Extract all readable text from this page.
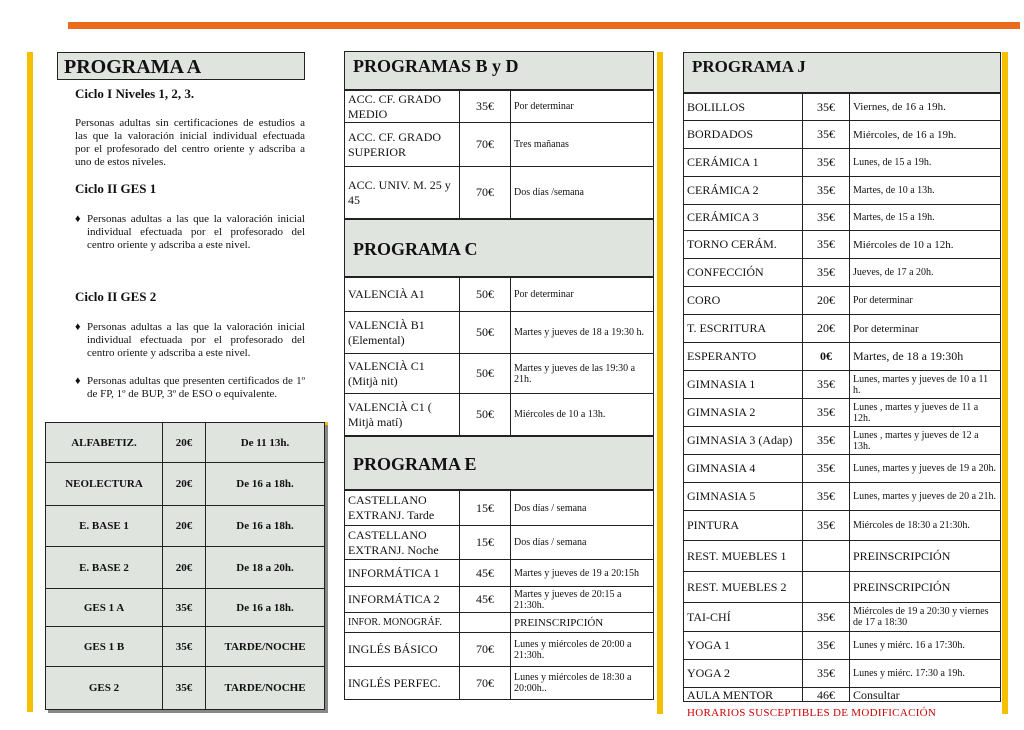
PROGRAMA A
Ciclo I Niveles 1, 2, 3.
Personas adultas sin certificaciones de estudios a las que la valoración inicial individual efectuada por el profesorado del centro oriente y adscriba a uno de estos niveles.
Ciclo II GES 1
♦ Personas adultas a las que la valoración inicial individual efectuada por el profesorado del centro oriente y adscriba a este nivel.
Ciclo II GES 2
♦ Personas adultas a las que la valoración inicial individual efectuada por el profesorado del centro oriente y adscriba a este nivel.
♦ Personas adultas que presenten certificados de 1º de FP, 1º de BUP, 3º de ESO o equivalente.
ALFABETIZ.	20€	De 11 13h.
NEOLECTURA	20€	De 16 a 18h.
E. BASE 1	20€	De 16 a 18h.
E. BASE 2	20€	De 18 a 20h.
GES 1 A	35€	De 16 a 18h.
GES 1 B	35€	TARDE/NOCHE
GES 2	35€	TARDE/NOCHE
PROGRAMAS B y D
ACC. CF. GRADO MEDIO	35€	Por determinar
ACC. CF. GRADO SUPERIOR	70€	Tres mañanas
ACC. UNIV. M. 25 y 45	70€	Dos días /semana
PROGRAMA C
VALENCIÀ A1	50€	Por determinar
VALENCIÀ B1 (Elemental)	50€	Martes y jueves de 18 a 19:30 h.
VALENCIÀ C1 (Mitjà nit)	50€	Martes y jueves de las 19:30 a 21h.
VALENCIÀ C1 ( Mitjà matí)	50€	Miércoles de 10 a 13h.
PROGRAMA E
CASTELLANO EXTRANJ. Tarde	15€	Dos días / semana
CASTELLANO EXTRANJ. Noche	15€	Dos días / semana
INFORMÁTICA 1	45€	Martes y jueves de 19 a 20:15h
INFORMÁTICA 2	45€	Martes y jueves de 20:15 a 21:30h.
INFOR. MONOGRÁF.		PREINSCRIPCIÓN
INGLÉS BÁSICO	70€	Lunes y miércoles de 20:00 a 21:30h.
INGLÉS PERFEC.	70€	Lunes y miércoles de 18:30 a 20:00h..
PROGRAMA J
BOLILLOS	35€	Viernes, de 16 a 19h.
BORDADOS	35€	Miércoles, de 16 a 19h.
CERÁMICA 1	35€	Lunes, de 15 a 19h.
CERÁMICA 2	35€	Martes, de 10 a 13h.
CERÁMICA 3	35€	Martes, de 15 a 19h.
TORNO CERÁM.	35€	Miércoles de 10 a 12h.
CONFECCIÓN	35€	Jueves, de 17 a 20h.
CORO	20€	Por determinar
T. ESCRITURA	20€	Por determinar
ESPERANTO	0€	Martes, de 18 a 19:30h
GIMNASIA 1	35€	Lunes, martes y jueves de 10 a 11 h.
GIMNASIA 2	35€	Lunes , martes y jueves de 11 a 12h.
GIMNASIA 3 (Adap)	35€	Lunes , martes y jueves de 12 a 13h.
GIMNASIA 4	35€	Lunes, martes y jueves de 19 a 20h.
GIMNASIA 5	35€	Lunes, martes y jueves de 20 a 21h.
PINTURA	35€	Miércoles de 18:30 a 21:30h.
REST. MUEBLES 1		PREINSCRIPCIÓN
REST. MUEBLES 2		PREINSCRIPCIÓN
TAI-CHÍ	35€	Miércoles de 19 a 20:30 y viernes de 17 a 18:30
YOGA 1	35€	Lunes y miérc. 16 a 17:30h.
YOGA 2	35€	Lunes y miérc. 17:30 a 19h.
AULA MENTOR	46€	Consultar
HORARIOS SUSCEPTIBLES DE MODIFICACIÓN
